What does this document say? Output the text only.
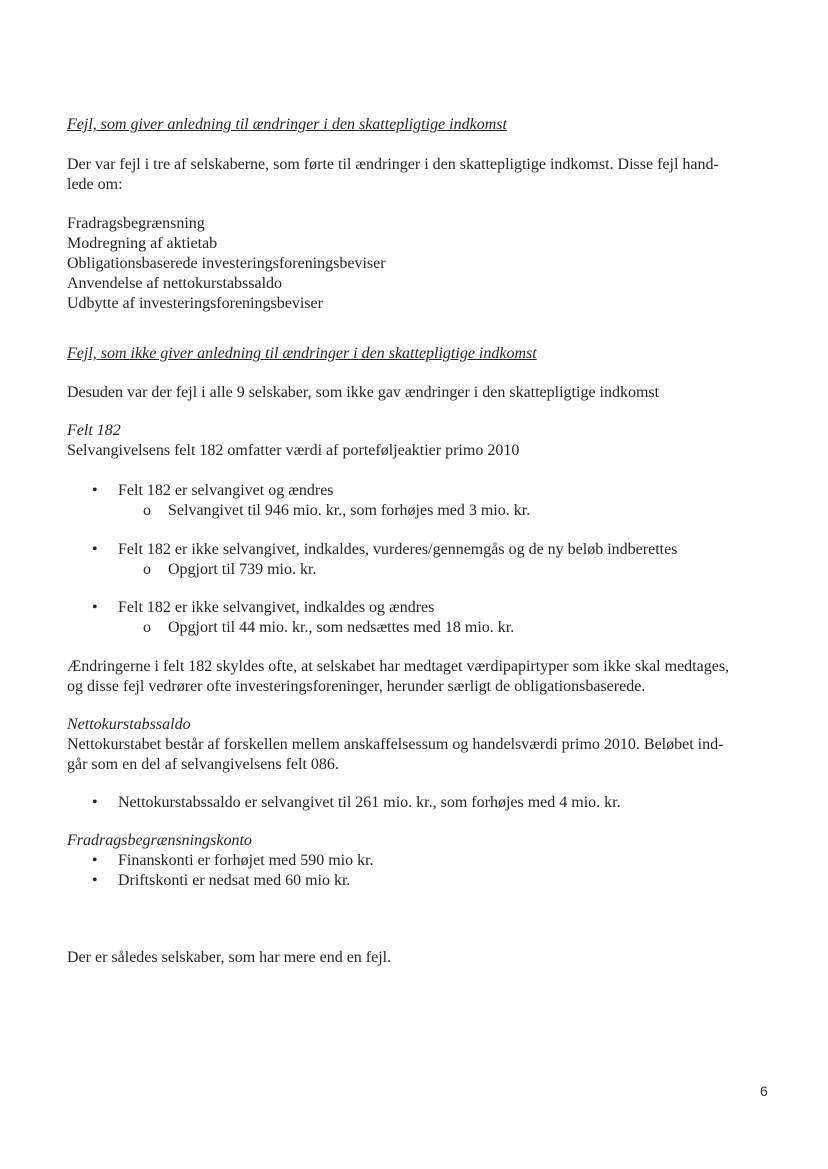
Fejl, som giver anledning til ændringer i den skattepligtige indkomst

Der var fejl i tre af selskaberne, som førte til ændringer i den skattepligtige indkomst. Disse fejl hand-

lede om:

Fradragsbegrænsning

Modregning af aktietab

Obligationsbaserede investeringsforeningsbeviser

Anvendelse af nettokurstabssaldo

Udbytte af investeringsforeningsbeviser

Fejl, som ikke giver anledning til ændringer i den skattepligtige indkomst

Desuden var der fejl i alle 9 selskaber, som ikke gav ændringer i den skattepligtige indkomst

Felt 182

Selvangivelsens felt 182 omfatter værdi af porteføljeaktier primo 2010

• Felt 182 er selvangivet og ændres
o Selvangivet til 946 mio. kr., som forhøjes med 3 mio. kr.
• Felt 182 er ikke selvangivet, indkaldes, vurderes/gennemgås og de ny beløb indberettes
o Opgjort til 739 mio. kr.
• Felt 182 er ikke selvangivet, indkaldes og ændres
o Opgjort til 44 mio. kr., som nedsættes med 18 mio. kr.

Ændringerne i felt 182 skyldes ofte, at selskabet har medtaget værdipapirtyper som ikke skal medtages,

og disse fejl vedrører ofte investeringsforeninger, herunder særligt de obligationsbaserede.

Nettokurstabssaldo

Nettokurstabet består af forskellen mellem anskaffelsessum og handelsværdi primo 2010. Beløbet ind-

går som en del af selvangivelsens felt 086.

• Nettokurstabssaldo er selvangivet til 261 mio. kr., som forhøjes med 4 mio. kr.

Fradragsbegrænsningskonto

• Finanskonti er forhøjet med 590 mio kr.
• Driftskonti er nedsat med 60 mio kr.

Der er således selskaber, som har mere end en fejl.

6
